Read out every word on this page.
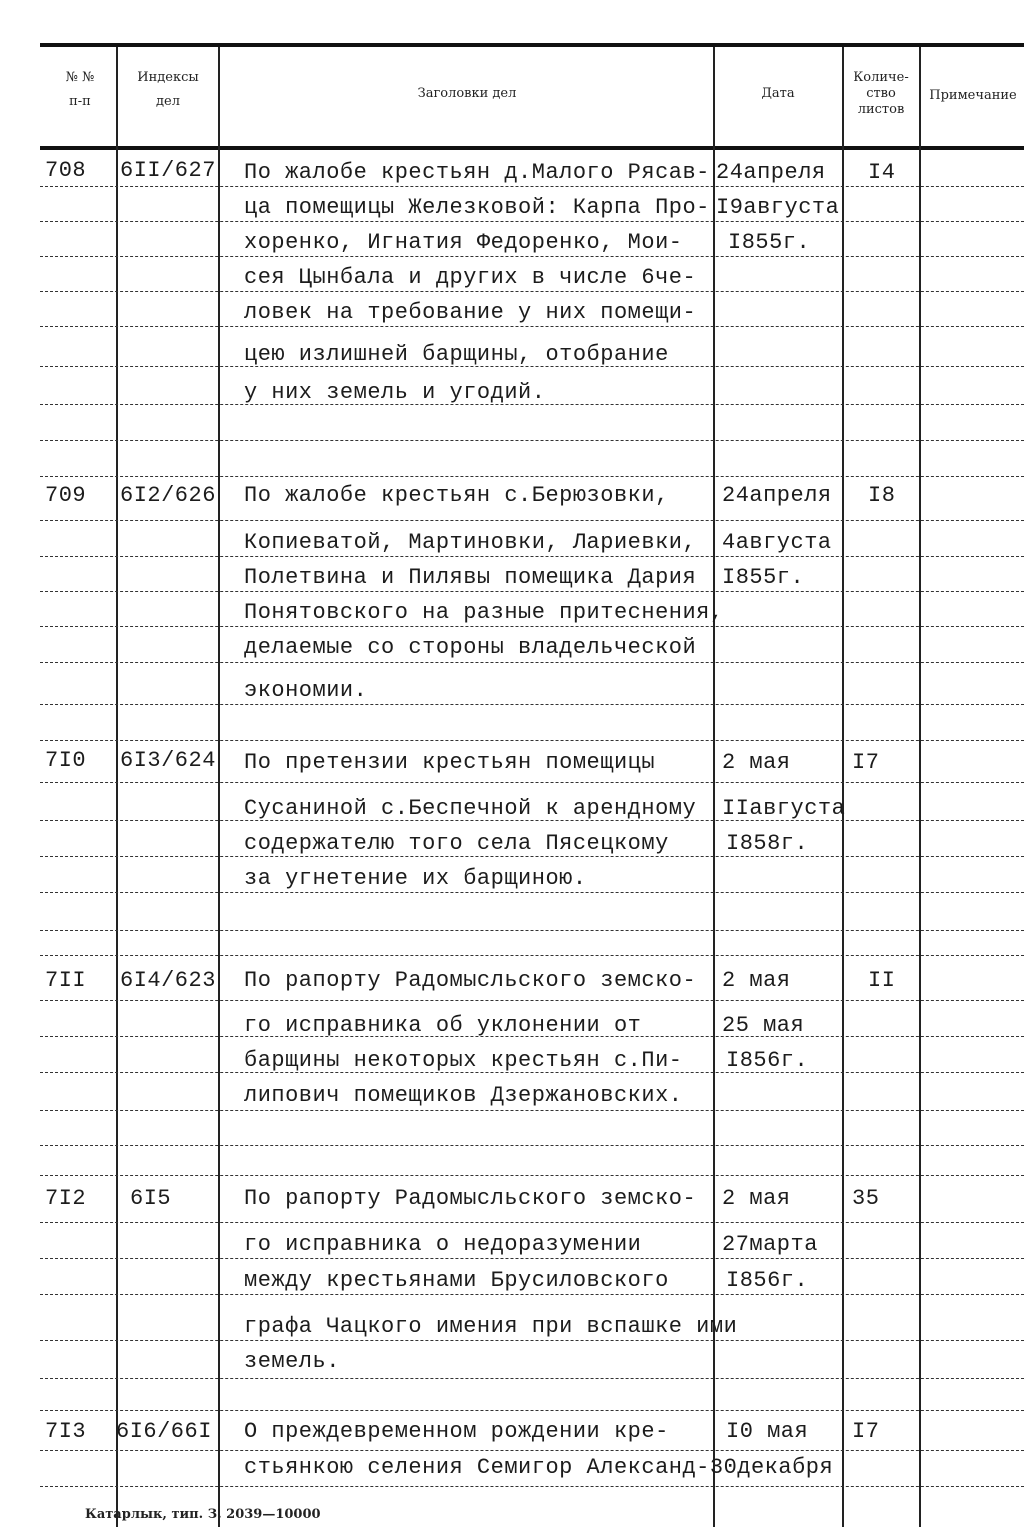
№ №
п-п
Индексы
дел
Заголовки дел	Дата
Количе-
ство
листов
Примечание
708 6II/627 По жалобе крестьян д.Малого Рясав-
ца помещицы Железковой: Карпа Про-
хоренко, Игнатия Федоренко, Мои-
сея Цынбала и других в числе 6че-
ловек на требование у них помещи-
цею излишней барщины, отобрание
у них земель и угодий.
24апреля
I9августа
I855г.
I4
709 6I2/626 По жалобе крестьян с.Берюзовки,
Копиеватой, Мартиновки, Лариевки,
Полетвина и Пилявы помещика Дария
Понятовского на разные притеснения,
делаемые со стороны владельческой
экономии.
24апреля
4августа
I855г.
I8
7I0 6I3/624 По претензии крестьян помещицы
Сусаниной с.Беспечной к арендному
содержателю того села Пясецкому
за угнетение их барщиною.
2 мая
IIавгуста
I858г.
I7
7II 6I4/623 По рапорту Радомысльского земско-
го исправника об уклонении от
барщины некоторых крестьян с.Пи-
липович помещиков Дзержановских.
2 мая
25 мая
I856г.
II
7I2 6I5	По рапорту Радомысльского земско-
го исправника о недоразумении
между крестьянами Брусиловского
графа Чацкого имения при вспашке ими
земель.
2 мая
27марта
I856г.
35
7I3 6I6/66I О преждевременном рождении кре-
стьянкою селения Семигор Александ-30декабря
I0 мая I7
Катарлык, тип. З. 2039—10000
